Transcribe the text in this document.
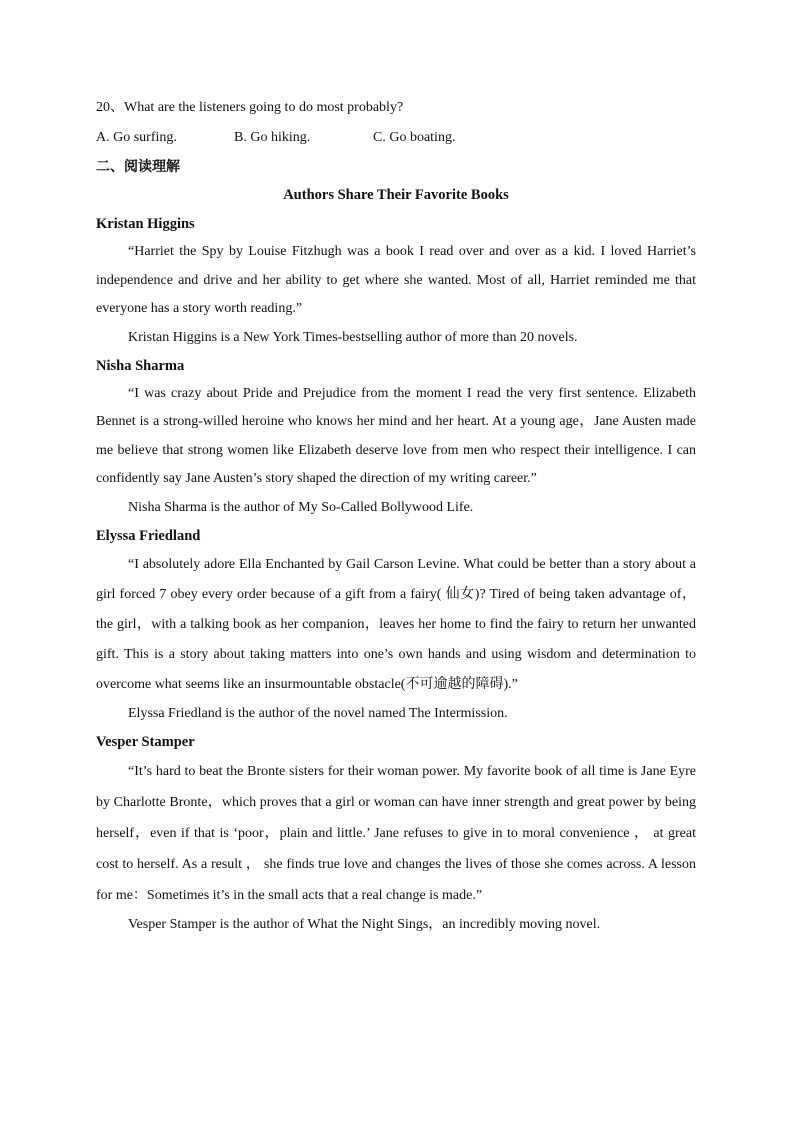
20、What are the listeners going to do most probably?

A. Go surfing.	B. Go hiking.	C. Go boating.
二、阅读理解
Authors Share Their Favorite Books
Kristan Higgins

“Harriet the Spy by Louise Fitzhugh was a book I read over and over as a kid. I loved Harriet’s independence and drive and her ability to get where she wanted. Most of all, Harriet reminded me that everyone has a story worth reading.”

Kristan Higgins is a New York Times-bestselling author of more than 20 novels.

Nisha Sharma

“I was crazy about Pride and Prejudice from the moment I read the very first sentence. Elizabeth Bennet is a strong-willed heroine who knows her mind and her heart. At a young age，Jane Austen made me believe that strong women like Elizabeth deserve love from men who respect their intelligence. I can confidently say Jane Austen’s story shaped the direction of my writing career.”

Nisha Sharma is the author of My So-Called Bollywood Life.

Elyssa Friedland

“I absolutely adore Ella Enchanted by Gail Carson Levine. What could be better than a story about a girl forced 7 obey every order because of a gift from a fairy( 仙女)? Tired of being taken advantage of，the girl，with a talking book as her companion，leaves her home to find the fairy to return her unwanted gift. This is a story about taking matters into one’s own hands and using wisdom and determination to overcome what seems like an insurmountable obstacle(不可逾越的障碍).”

Elyssa Friedland is the author of the novel named The Intermission.

Vesper Stamper

“It’s hard to beat the Bronte sisters for their woman power. My favorite book of all time is Jane Eyre by Charlotte Bronte，which proves that a girl or woman can have inner strength and great power by being herself，even if that is ‘poor，plain and little.’ Jane refuses to give in to moral convenience ， at great cost to herself. As a result ， she finds true love and changes the lives of those she comes across. A lesson for me：Sometimes it’s in the small acts that a real change is made.”

Vesper Stamper is the author of What the Night Sings，an incredibly moving novel.
